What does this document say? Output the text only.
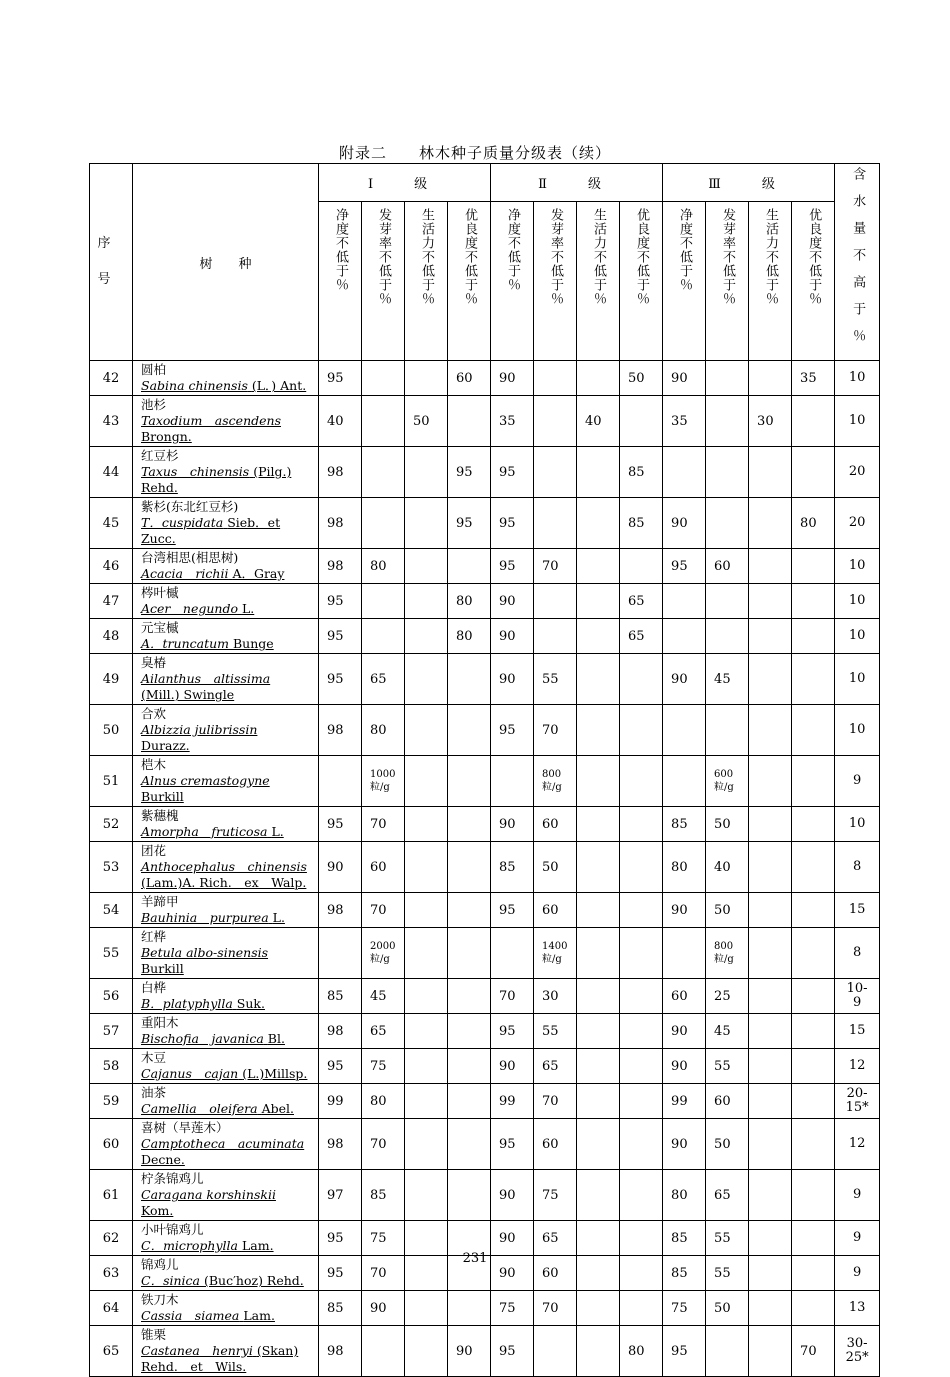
附录二　　林木种子质量分级表（续）
序

号	树　　种	Ⅰ　级				Ⅱ　级				Ⅲ　级				含水量不高于％
		净度不低于％	发芽率不低于％	生活力不低于％	优良度不低于％	净度不低于％	发芽率不低于％	生活力不低于％	优良度不低于％	净度不低于％	发芽率不低于％	生活力不低于％	优良度不低于％	
42	圆柏
Sabina chinensis (L．) Ant.	95			60	90			50	90			35	10
43	池杉
Taxodium　ascendens Brongn.	40		50		35		40		35		30		10
44	红豆杉
Taxus　chinensis (Pilg.) Rehd.	98			95	95			85					20
45	紫杉(东北红豆杉)
T．cuspidata Sieb．et Zucc.	98			95	95			85	90			80	20
46	台湾相思(相思树)
Acacia　richii A．Gray	98	80			95	70			95	60			10
47	梣叶槭
Acer　negundo L.	95			80	90			65					10
48	元宝槭
A．truncatum Bunge	95			80	90			65					10
49	臭椿
Ailanthus　altissima (Mill.) Swingle	95	65			90	55			90	45			10
50	合欢
Albizzia julibrissin Durazz.	98	80			95	70							10
51	桤木
Alnus cremastogyne Burkill		1000
粒/g				800
粒/g				600
粒/g			9
52	紫穗槐
Amorpha　fruticosa L.	95	70			90	60			85	50			10
53	团花
Anthocephalus　chinensis (Lam.)A. Rich.　ex　Walp.	90	60			85	50			80	40			8
54	羊蹄甲
Bauhinia　purpurea L.	98	70			95	60			90	50			15
55	红桦
Betula albo-sinensis Burkill		2000
粒/g				1400
粒/g				800
粒/g			8
56	白桦
B．platyphylla Suk.	85	45			70	30			60	25			10-
9
57	重阳木
Bischofia　javanica Bl.	98	65			95	55			90	45			15
58	木豆
Cajanus　cajan (L.)Millsp.	95	75			90	65			90	55			12
59	油茶
Camellia　oleifera Abel.	99	80			99	70			99	60			20-
15*
60	喜树（旱莲木）
Camptotheca　acuminata Decne.	98	70			95	60			90	50			12
61	柠条锦鸡儿
Caragana korshinskii Kom.	97	85			90	75			80	65			9
62	小叶锦鸡儿
C．microphylla Lam.	95	75			90	65			85	55			9
63	锦鸡儿
C．sinica (Buc′hoz) Rehd.	95	70			90	60			85	55			9
64	铁刀木
Cassia　siamea Lam.	85	90			75	70			75	50			13
65	锥栗
Castanea　henryi (Skan) Rehd.　et　Wils.	98			90	95			80	95			70	30-
25*
231
